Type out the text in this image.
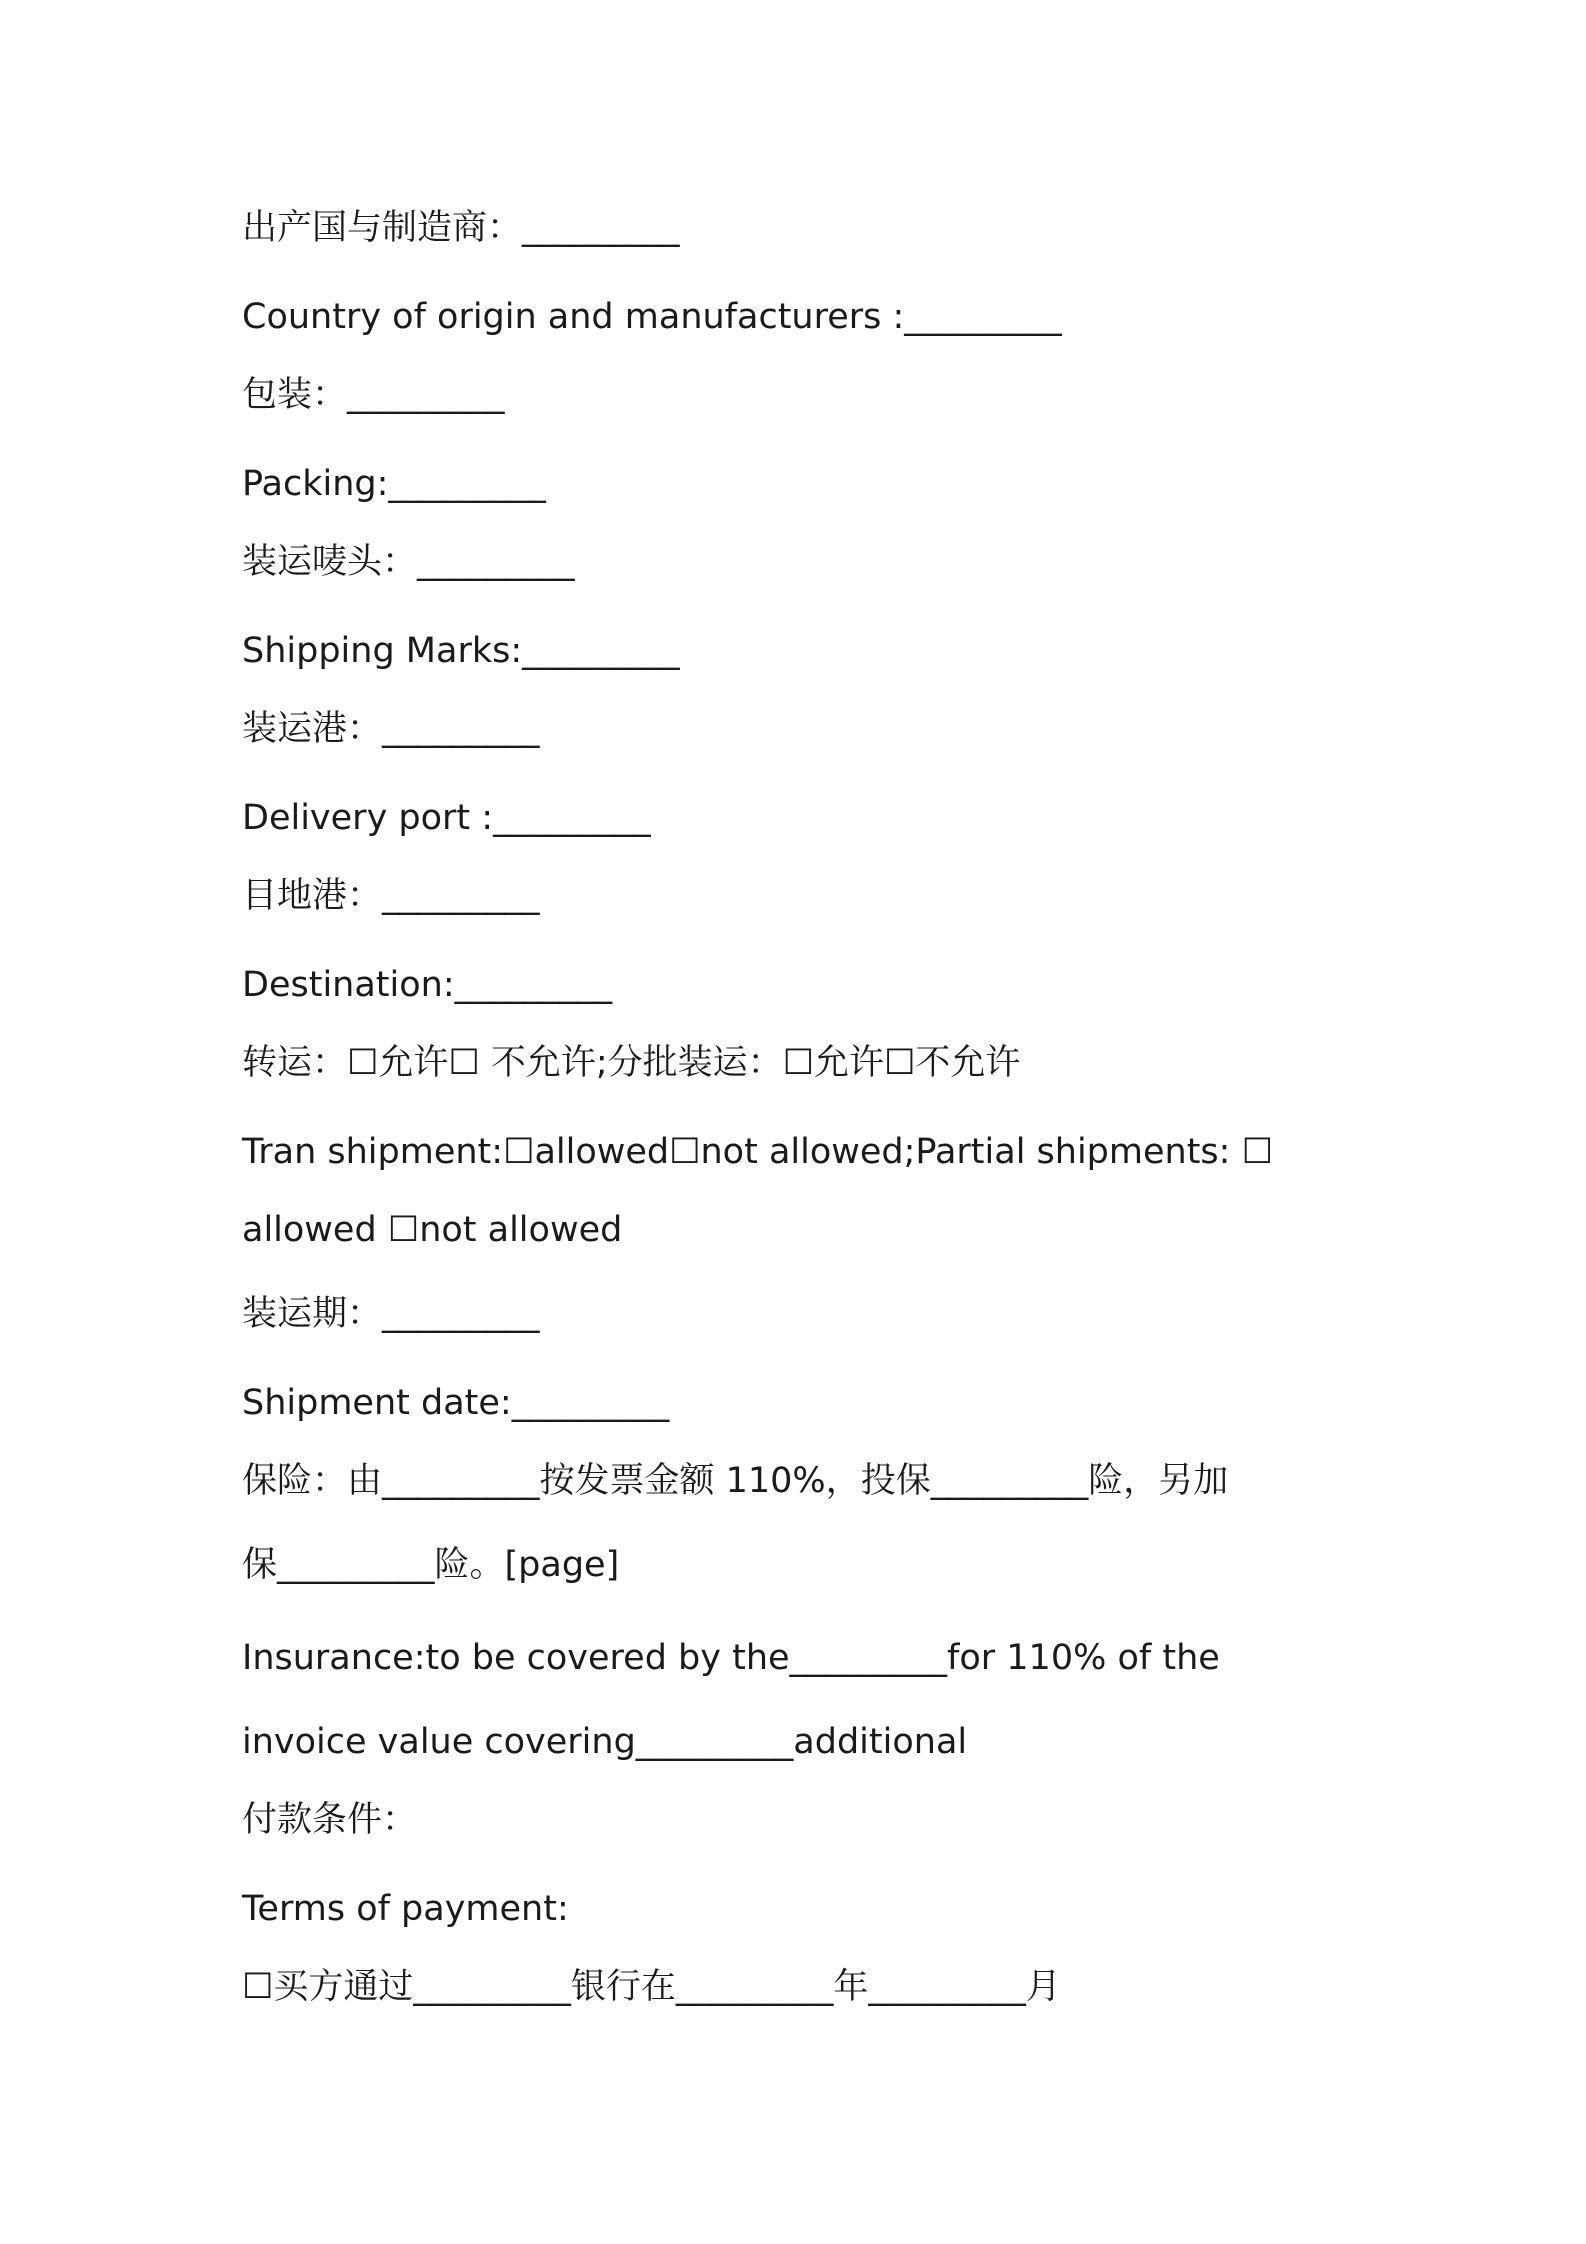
出产国与制造商：_________

Country of origin and manufacturers :_________

包装：_________

Packing:_________

装运唛头：_________

Shipping Marks:_________

装运港：_________

Delivery port :_________

目地港：_________

Destination:_________

转运：☐允许☐ 不允许;分批装运：☐允许☐不允许

Tran shipment:☐allowed☐not allowed;Partial shipments: ☐

allowed ☐not allowed

装运期：_________

Shipment date:_________

保险：由_________按发票金额 110%，投保_________险，另加

保_________险。[page]

Insurance:to be covered by the_________for 110% of the

invoice value covering_________additional

付款条件：

Terms of payment:

☐买方通过_________银行在_________年_________月
